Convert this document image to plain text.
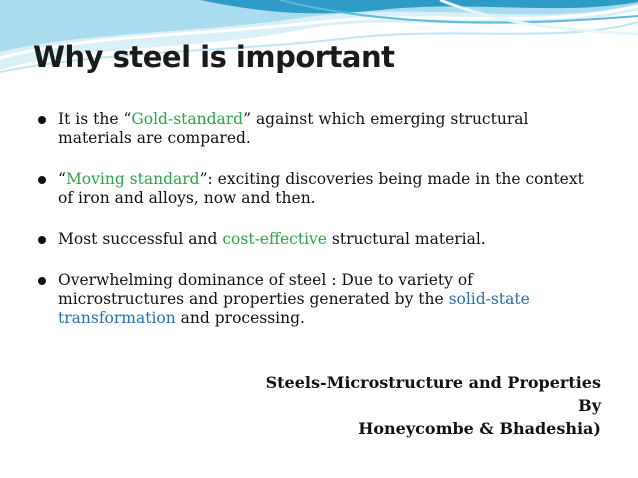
Why steel is important
It is the “Gold-standard” against which emerging structural materials are compared.
“Moving standard”: exciting discoveries being made in the context of iron and alloys, now and then.
Most successful and cost-effective structural material.
Overwhelming dominance of steel : Due to variety of microstructures and properties generated by the solid-state transformation and processing.
Steels-Microstructure and Properties
By
Honeycombe & Bhadeshia)
